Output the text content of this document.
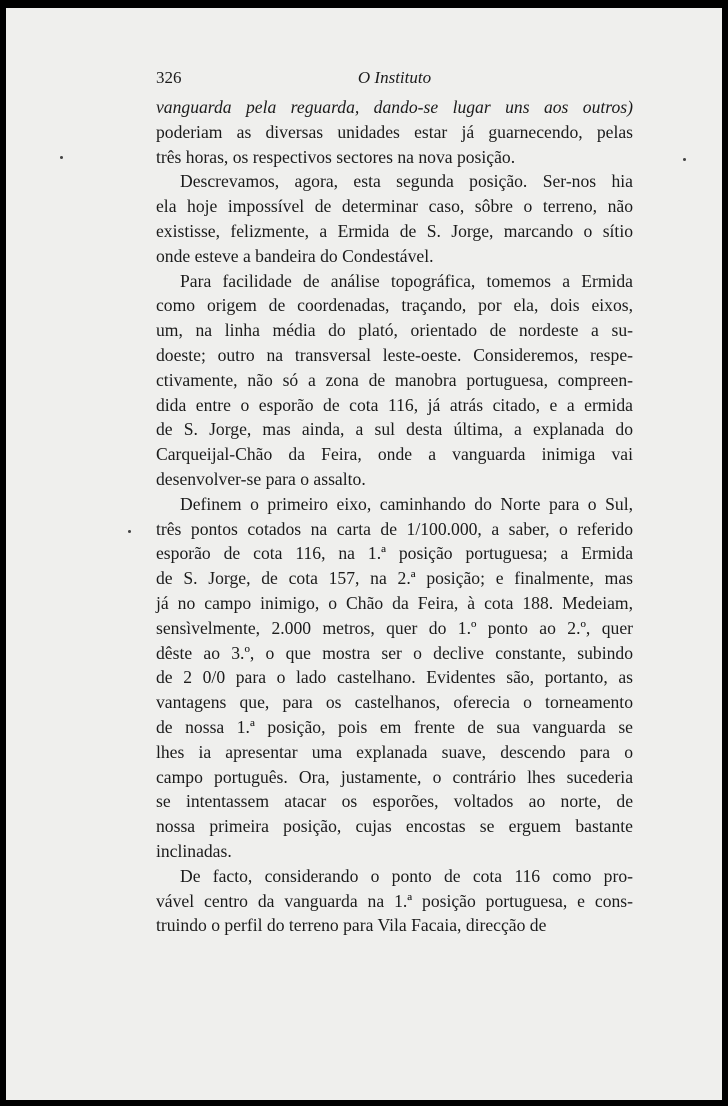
326	O Instituto
vanguarda pela reguarda, dando-se lugar uns aos outros)
poderiam as diversas unidades estar já guarnecendo, pelas
três horas, os respectivos sectores na nova posição.
Descrevamos, agora, esta segunda posição. Ser-nos hia
ela hoje impossível de determinar caso, sôbre o terreno, não
existisse, felizmente, a Ermida de S. Jorge, marcando o sítio
onde esteve a bandeira do Condestável.
Para facilidade de análise topográfica, tomemos a Ermida
como origem de coordenadas, traçando, por ela, dois eixos,
um, na linha média do plató, orientado de nordeste a su-
doeste; outro na transversal leste-oeste. Consideremos, respe-
ctivamente, não só a zona de manobra portuguesa, compreen-
dida entre o esporão de cota 116, já atrás citado, e a ermida
de S. Jorge, mas ainda, a sul desta última, a explanada do
Carqueijal-Chão da Feira, onde a vanguarda inimiga vai
desenvolver-se para o assalto.
Definem o primeiro eixo, caminhando do Norte para o Sul,
três pontos cotados na carta de 1/100.000, a saber, o referido
esporão de cota 116, na 1.ª posição portuguesa; a Ermida
de S. Jorge, de cota 157, na 2.ª posição; e finalmente, mas
já no campo inimigo, o Chão da Feira, à cota 188. Medeiam,
sensìvelmente, 2.000 metros, quer do 1.º ponto ao 2.º, quer
dêste ao 3.º, o que mostra ser o declive constante, subindo
de 2 0/0 para o lado castelhano. Evidentes são, portanto, as
vantagens que, para os castelhanos, oferecia o torneamento
de nossa 1.ª posição, pois em frente de sua vanguarda se
lhes ia apresentar uma explanada suave, descendo para o
campo português. Ora, justamente, o contrário lhes sucederia
se intentassem atacar os esporões, voltados ao norte, de
nossa primeira posição, cujas encostas se erguem bastante
inclinadas.
De facto, considerando o ponto de cota 116 como pro-
vável centro da vanguarda na 1.ª posição portuguesa, e cons-
truindo o perfil do terreno para Vila Facaia, direcção de
